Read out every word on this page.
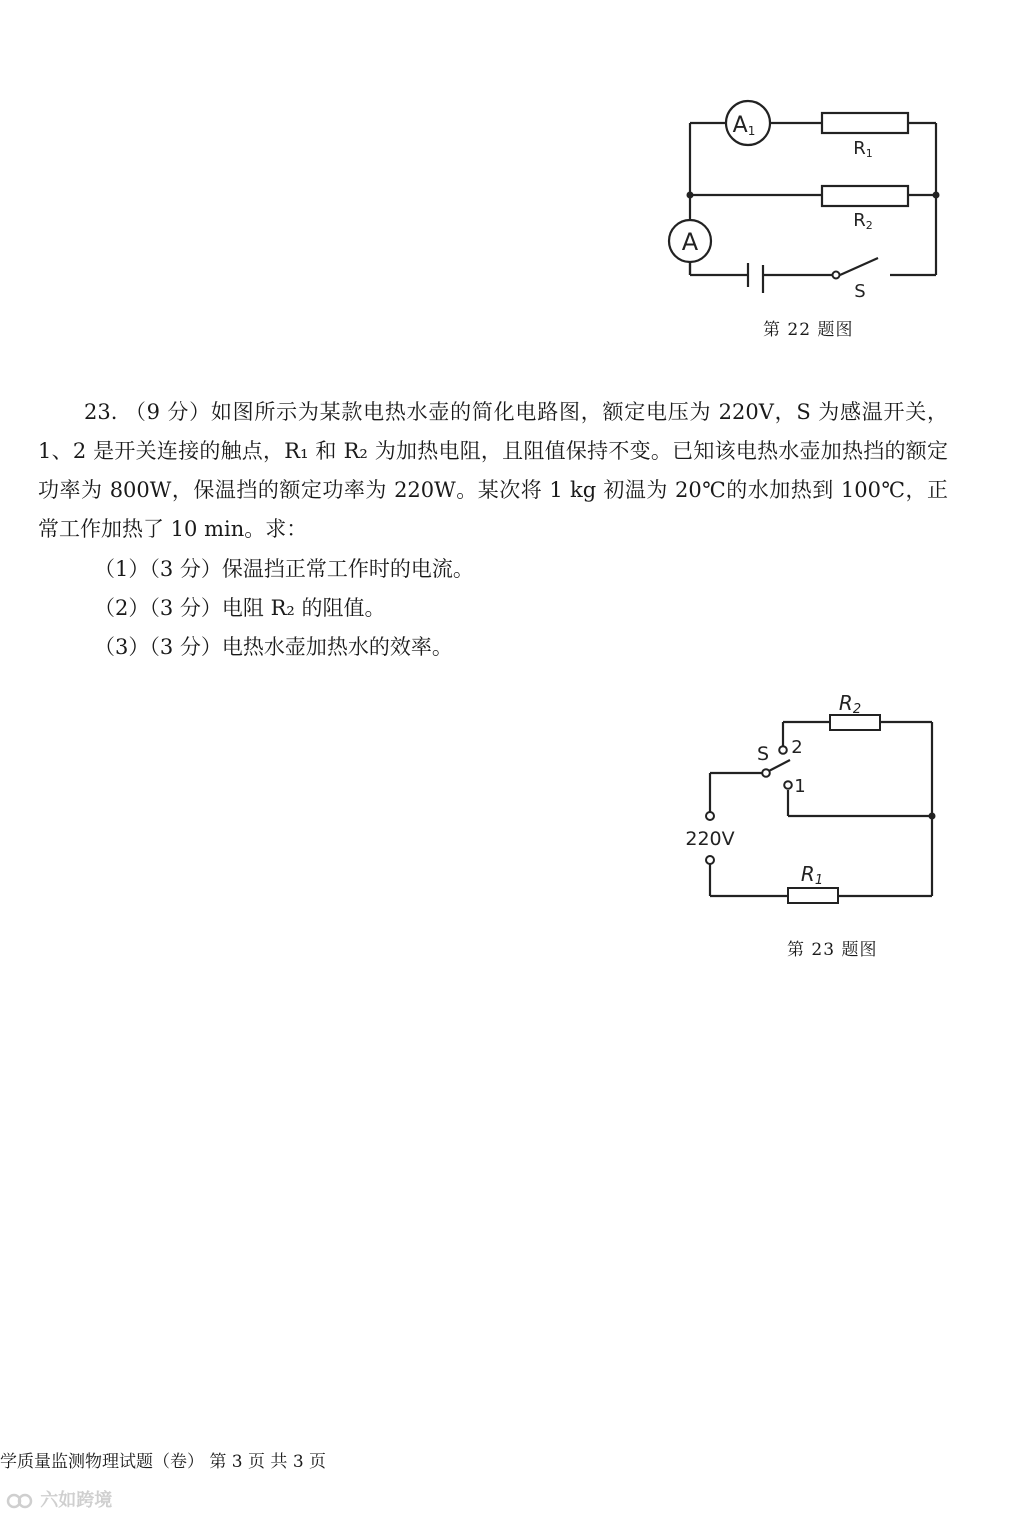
A
A1
R1
R2
S
第 22 题图

23. （9 分）如图所示为某款电热水壶的简化电路图，额定电压为 220V，S 为感温开关，1、2 是开关连接的触点，R₁ 和 R₂ 为加热电阻，且阻值保持不变。已知该电热水壶加热挡的额定功率为 800W，保温挡的额定功率为 220W。某次将 1 kg 初温为 20℃的水加热到 100℃，正常工作加热了 10 min。求：

（1）（3 分）保温挡正常工作时的电流。
（2）（3 分）电阻 R₂ 的阻值。
（3）（3 分）电热水壶加热水的效率。
S 2
1
220V
R2
R1
第 23 题图
学质量监测物理试题（卷） 第 3 页 共 3 页
六如跨境
